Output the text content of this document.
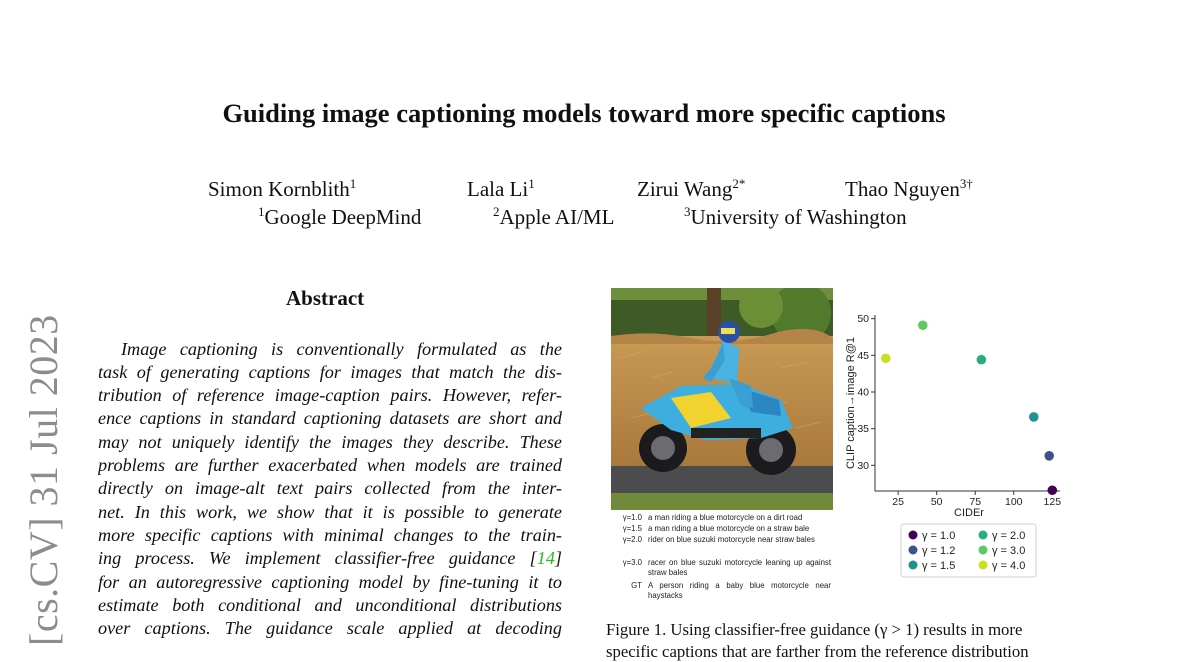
Guiding image captioning models toward more specific captions
Simon Kornblith$^1$	Lala Li$^1$	Zirui Wang$^{2*}$	Thao Nguyen$^{3\dagger}$
$^1$Google DeepMind	$^2$Apple AI/ML	$^3$University of Washington
[cs.CV] 31 Jul 2023
Abstract
Image captioning is conventionally formulated as the
task of generating captions for images that match the dis-
tribution of reference image-caption pairs. However, refer-
ence captions in standard captioning datasets are short and
may not uniquely identify the images they describe. These
problems are further exacerbated when models are trained
directly on image-alt text pairs collected from the inter-
net. In this work, we show that it is possible to generate
more specific captions with minimal changes to the train-
ing process. We implement classifier-free guidance [14]
for an autoregressive captioning model by fine-tuning it to
estimate both conditional and unconditional distributions
over captions. The guidance scale applied at decoding
γ=1.0 a man riding a blue motorcycle on a dirt road
γ=1.5 a man riding a blue motorcycle on a straw bale
γ=2.0 rider on blue suzuki motorcycle near straw bales
γ=3.0 racer on blue suzuki motorcycle leaning up against straw bales
GT A person riding a baby blue motorcycle near haystacks
25	50	75 100 125
30
35
40
45
50
CIDEr
CLIP caption→image R@1
γ = 1.0
γ = 1.2
γ = 1.5
γ = 2.0
γ = 3.0
γ = 4.0
Figure 1. Using classifier-free guidance (γ > 1) results in more
specific captions that are farther from the reference distribution
